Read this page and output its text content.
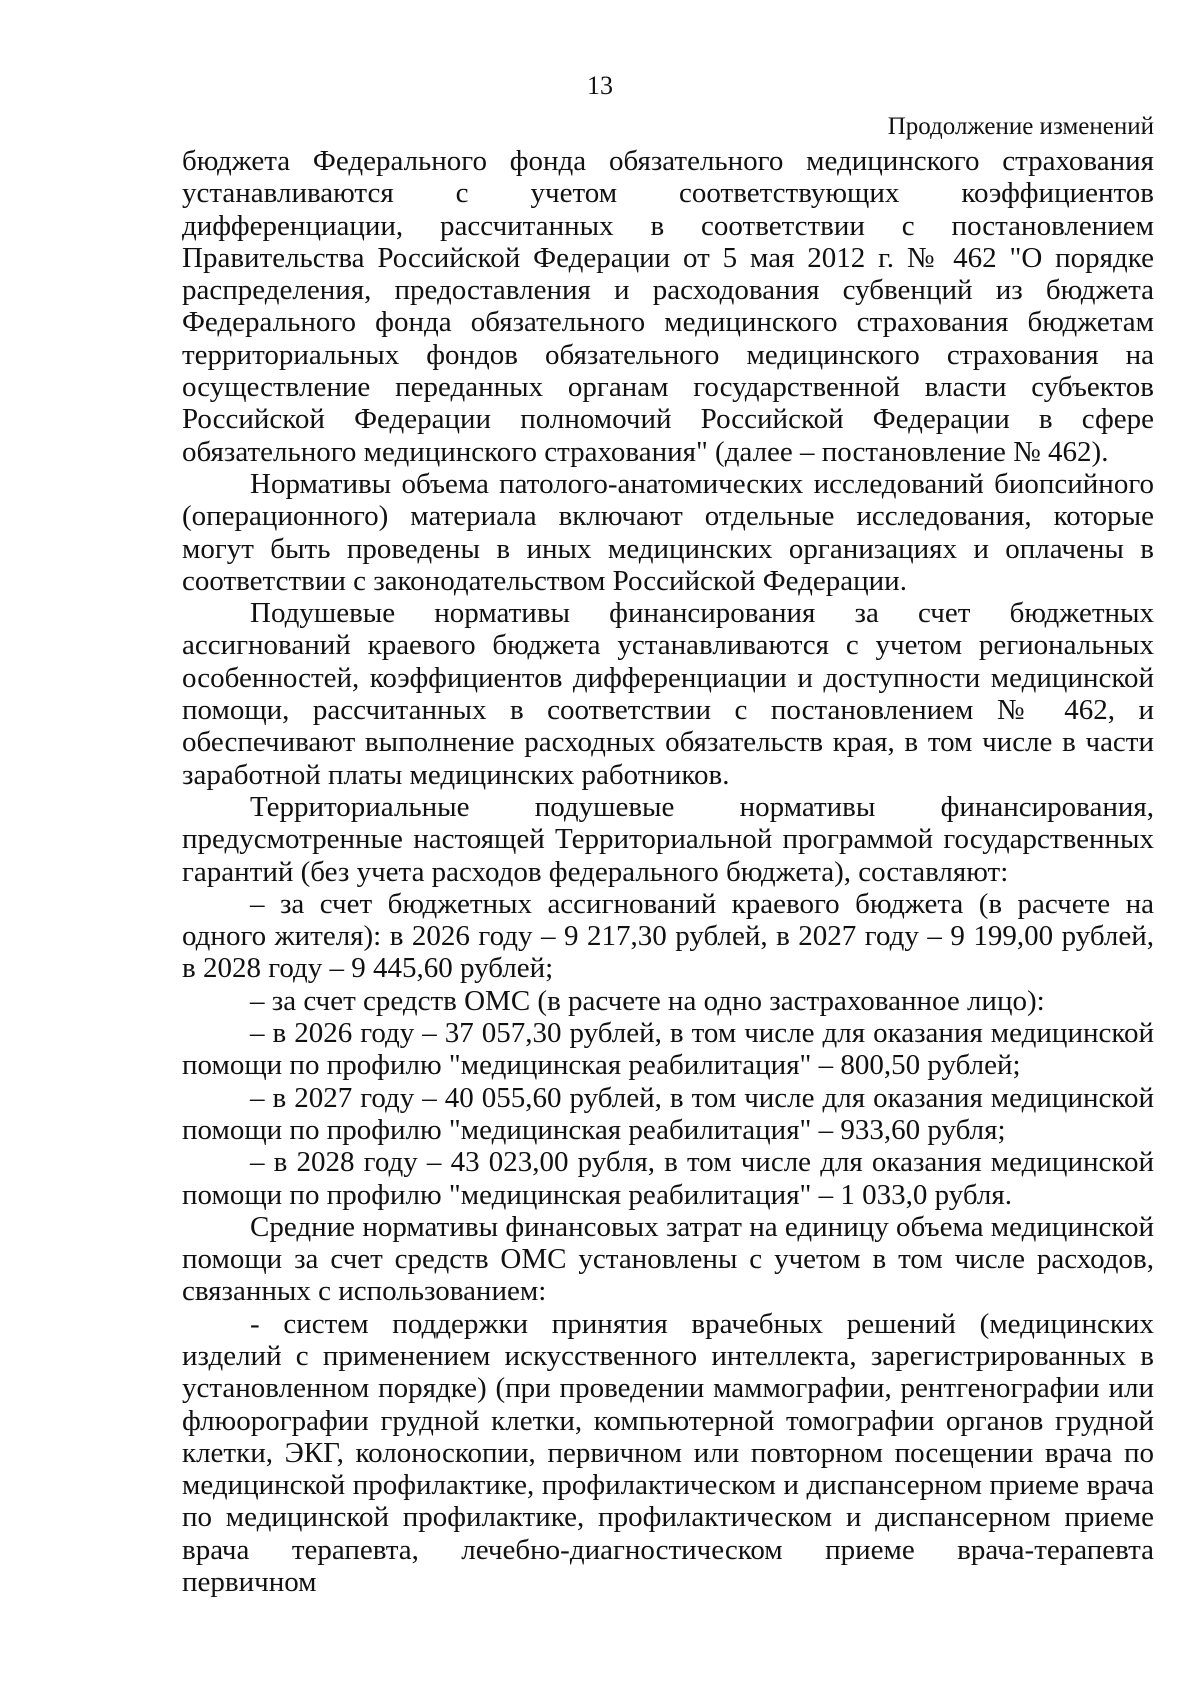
13
Продолжение изменений

бюджета Федерального фонда обязательного медицинского страхования устанавливаются с учетом соответствующих коэффициентов дифференциации, рассчитанных в соответствии с постановлением Правительства Российской Федерации от 5 мая 2012 г. № 462 "О порядке распределения, предоставления и расходования субвенций из бюджета Федерального фонда обязательного медицинского страхования бюджетам территориальных фондов обязательного медицинского страхования на осуществление переданных органам государственной власти субъектов Российской Федерации полномочий Российской Федерации в сфере обязательного медицинского страхования" (далее – постановление № 462).

Нормативы объема патолого-анатомических исследований биопсийного (операционного) материала включают отдельные исследования, которые могут быть проведены в иных медицинских организациях и оплачены в соответствии с законодательством Российской Федерации.

Подушевые нормативы финансирования за счет бюджетных ассигнований краевого бюджета устанавливаются с учетом региональных особенностей, коэффициентов дифференциации и доступности медицинской помощи, рассчитанных в соответствии с постановлением № 462, и обеспечивают выполнение расходных обязательств края, в том числе в части заработной платы медицинских работников.

Территориальные подушевые нормативы финансирования, предусмотренные настоящей Территориальной программой государственных гарантий (без учета расходов федерального бюджета), составляют:

– за счет бюджетных ассигнований краевого бюджета (в расчете на одного жителя): в 2026 году – 9 217,30 рублей, в 2027 году – 9 199,00 рублей, в 2028 году – 9 445,60 рублей;

– за счет средств ОМС (в расчете на одно застрахованное лицо):

– в 2026 году – 37 057,30 рублей, в том числе для оказания медицинской помощи по профилю "медицинская реабилитация" – 800,50 рублей;

– в 2027 году – 40 055,60 рублей, в том числе для оказания медицинской помощи по профилю "медицинская реабилитация" – 933,60 рубля;

– в 2028 году – 43 023,00 рубля, в том числе для оказания медицинской помощи по профилю "медицинская реабилитация" – 1 033,0 рубля.

Средние нормативы финансовых затрат на единицу объема медицинской помощи за счет средств ОМС установлены с учетом в том числе расходов, связанных с использованием:

- систем поддержки принятия врачебных решений (медицинских изделий с применением искусственного интеллекта, зарегистрированных в установленном порядке) (при проведении маммографии, рентгенографии или флюорографии грудной клетки, компьютерной томографии органов грудной клетки, ЭКГ, колоноскопии, первичном или повторном посещении врача по медицинской профилактике, профилактическом и диспансерном приеме врача по медицинской профилактике, профилактическом и диспансерном приеме врача терапевта, лечебно-диагностическом приеме врача-терапевта первичном
